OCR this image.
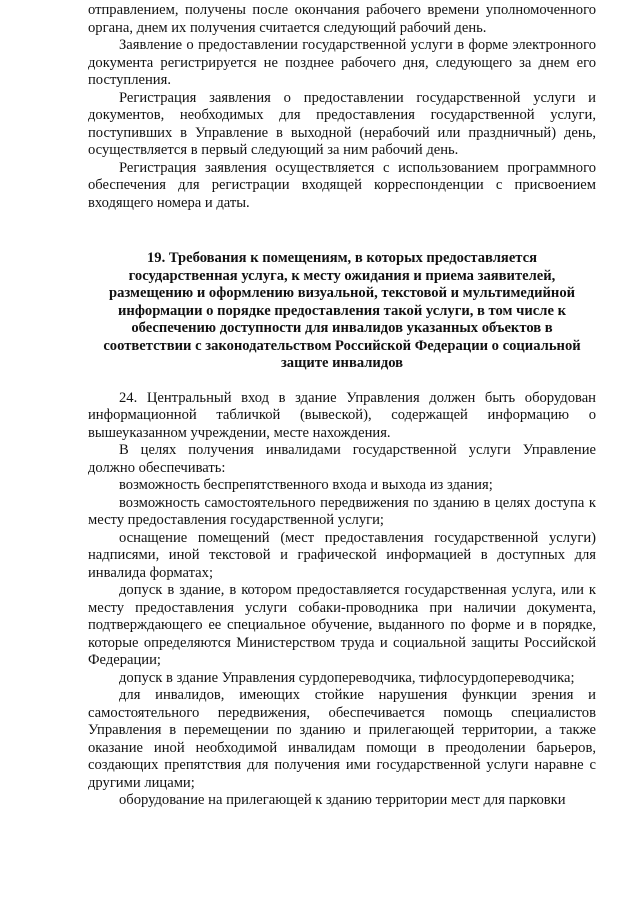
отправлением, получены после окончания рабочего времени уполномоченного органа, днем их получения считается следующий рабочий день.

Заявление о предоставлении государственной услуги в форме электронного документа регистрируется не позднее рабочего дня, следующего за днем его поступления.

Регистрация заявления о предоставлении государственной услуги и документов, необходимых для предоставления государственной услуги, поступивших в Управление в выходной (нерабочий или праздничный) день, осуществляется в первый следующий за ним рабочий день.

Регистрация заявления осуществляется с использованием программного обеспечения для регистрации входящей корреспонденции с присвоением входящего номера и даты.

19. Требования к помещениям, в которых предоставляется государственная услуга, к месту ожидания и приема заявителей, размещению и оформлению визуальной, текстовой и мультимедийной информации о порядке предоставления такой услуги, в том числе к обеспечению доступности для инвалидов указанных объектов в соответствии с законодательством Российской Федерации о социальной защите инвалидов

24. Центральный вход в здание Управления должен быть оборудован информационной табличкой (вывеской), содержащей информацию о вышеуказанном учреждении, месте нахождения.

В целях получения инвалидами государственной услуги Управление должно обеспечивать:

возможность беспрепятственного входа и выхода из здания;

возможность самостоятельного передвижения по зданию в целях доступа к месту предоставления государственной услуги;

оснащение помещений (мест предоставления государственной услуги) надписями, иной текстовой и графической информацией в доступных для инвалида форматах;

допуск в здание, в котором предоставляется государственная услуга, или к месту предоставления услуги собаки-проводника при наличии документа, подтверждающего ее специальное обучение, выданного по форме и в порядке, которые определяются Министерством труда и социальной защиты Российской Федерации;

допуск в здание Управления сурдопереводчика, тифлосурдопереводчика;

для инвалидов, имеющих стойкие нарушения функции зрения и самостоятельного передвижения, обеспечивается помощь специалистов Управления в перемещении по зданию и прилегающей территории, а также оказание иной необходимой инвалидам помощи в преодолении барьеров, создающих препятствия для получения ими государственной услуги наравне с другими лицами;

оборудование на прилегающей к зданию территории мест для парковки
